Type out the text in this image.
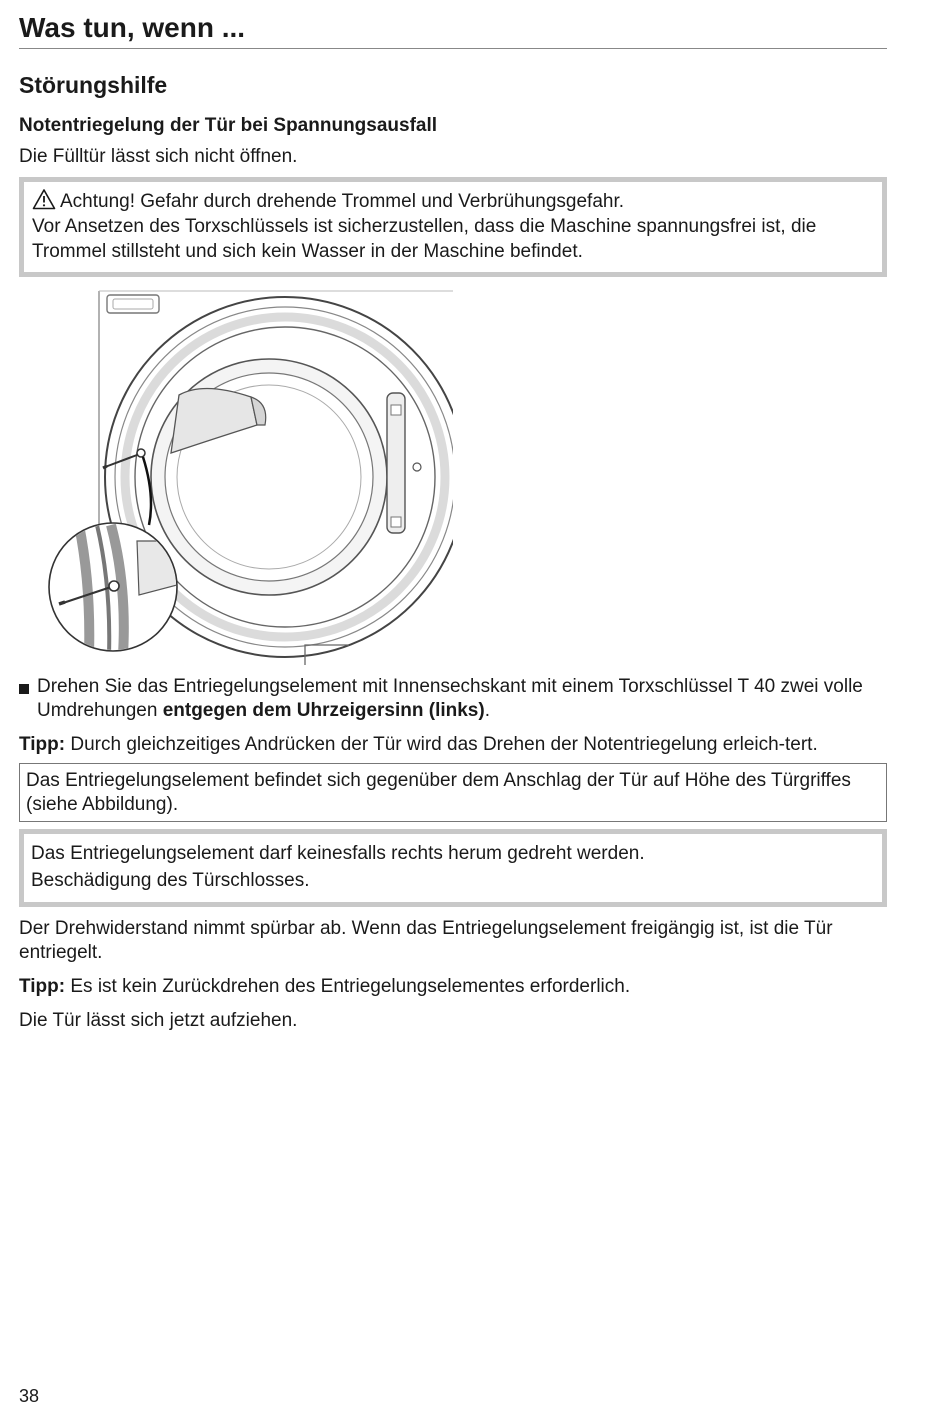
Was tun, wenn ...
Störungshilfe
Notentriegelung der Tür bei Spannungsausfall

Die Fülltür lässt sich nicht öffnen.

Achtung! Gefahr durch drehende Trommel und Verbrühungsgefahr.
Vor Ansetzen des Torxschlüssels ist sicherzustellen, dass die Maschine spannungsfrei ist, die Trommel stillsteht und sich kein Wasser in der Maschine befindet.
Drehen Sie das Entriegelungselement mit Innensechskant mit einem Torxschlüssel T 40 zwei volle Umdrehungen entgegen dem Uhrzeigersinn (links).

Tipp: Durch gleichzeitiges Andrücken der Tür wird das Drehen der Notentriegelung erleich-tert.

Das Entriegelungselement befindet sich gegenüber dem Anschlag der Tür auf Höhe des Türgriffes (siehe Abbildung).
Das Entriegelungselement darf keinesfalls rechts herum gedreht werden.
Beschädigung des Türschlosses.

Der Drehwiderstand nimmt spürbar ab. Wenn das Entriegelungselement freigängig ist, ist die Tür entriegelt.

Tipp: Es ist kein Zurückdrehen des Entriegelungselementes erforderlich.

Die Tür lässt sich jetzt aufziehen.

38
